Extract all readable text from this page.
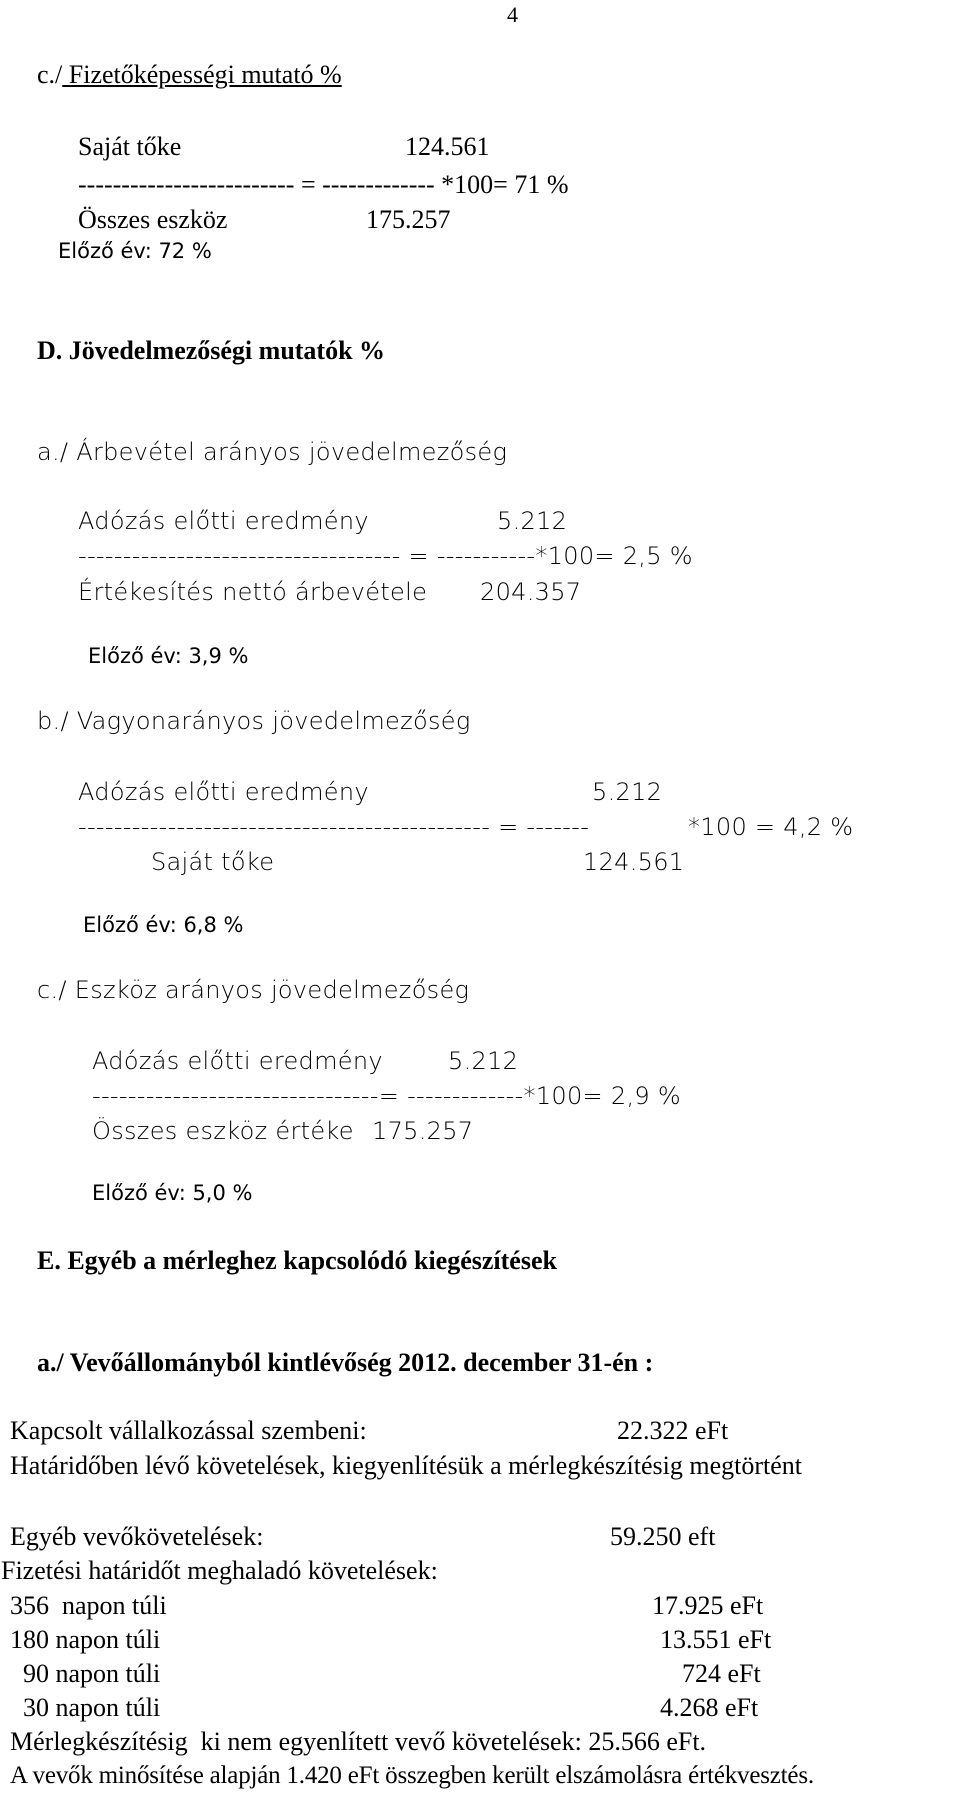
4
c./ Fizetőképességi mutató %
Saját tőke	124.561
------------------------- = ------------- *100= 71 %
Összes eszköz	175.257
Előző év: 72 %
D. Jövedelmezőségi mutatók %
a./ Árbevétel arányos jövedelmezőség
Adózás előtti eredmény	5.212
------------------------------------ = -----------*100= 2,5 %
Értékesítés nettó árbevétele 204.357
Előző év: 3,9 %
b./ Vagyonarányos jövedelmezőség
Adózás előtti eredmény	5.212
---------------------------------------------- = -------	*100 = 4,2 %
Saját tőke	124.561
Előző év: 6,8 %
c./ Eszköz arányos jövedelmezőség
Adózás előtti eredmény	5.212
--------------------------------= -------------*100= 2,9 %
Összes eszköz értéke 175.257
Előző év: 5,0 %
E. Egyéb a mérleghez kapcsolódó kiegészítések
a./ Vevőállományból kintlévőség 2012. december 31-én :
Kapcsolt vállalkozással szembeni:	22.322 eFt
Határidőben lévő követelések, kiegyenlítésük a mérlegkészítésig megtörtént
Egyéb vevőkövetelések:	59.250 eft
Fizetési határidőt meghaladó követelések:
356  napon túli	17.925 eFt
180 napon túli	13.551 eFt
90 napon túli	724 eFt
30 napon túli	4.268 eFt
Mérlegkészítésig  ki nem egyenlített vevő követelések: 25.566 eFt.
A vevők minősítése alapján 1.420 eFt összegben került elszámolásra értékvesztés.
